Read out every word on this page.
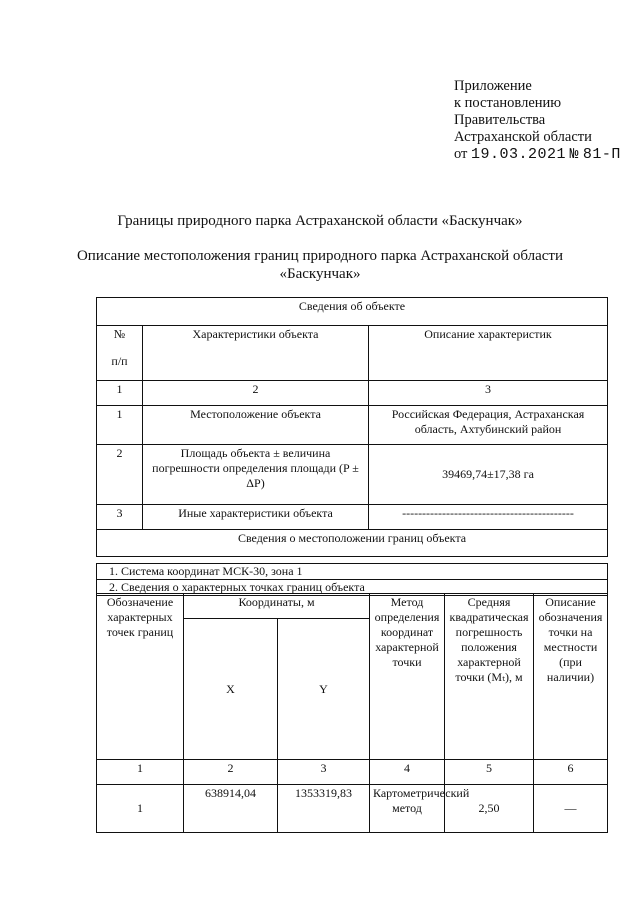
Приложение
к постановлению
Правительства
Астраханской области
от 19.03.2021 № 81-П
Границы природного парка Астраханской области «Баскунчак»
Описание местоположения границ природного парка Астраханской области
«Баскунчак»
Сведения об объекте		

№
п/п	Характеристики объекта	Описание характеристик
1	2	3
1	Местоположение объекта	Российская Федерация, Астраханская область, Ахтубинский район
2	Площадь объекта ± величина погрешности определения площади (P ± ΔP)	39469,74±17,38 га
3	Иные характеристики объекта	-------------------------------------------
Сведения о местоположении границ объекта		
1. Система координат МСК-30, зона 1
2. Сведения о характерных точках границ объекта
Обозначение характерных точек границ	Координаты, м		Метод определения координат характерной точки	Средняя квадратическая погрешность положения характерной точки (Mₜ), м	Описание обозначения точки на местности (при наличии)
	X	Y			
1	2	3	4	5	6
1	638914,04	1353319,83	Картометрический метод	2,50	—
